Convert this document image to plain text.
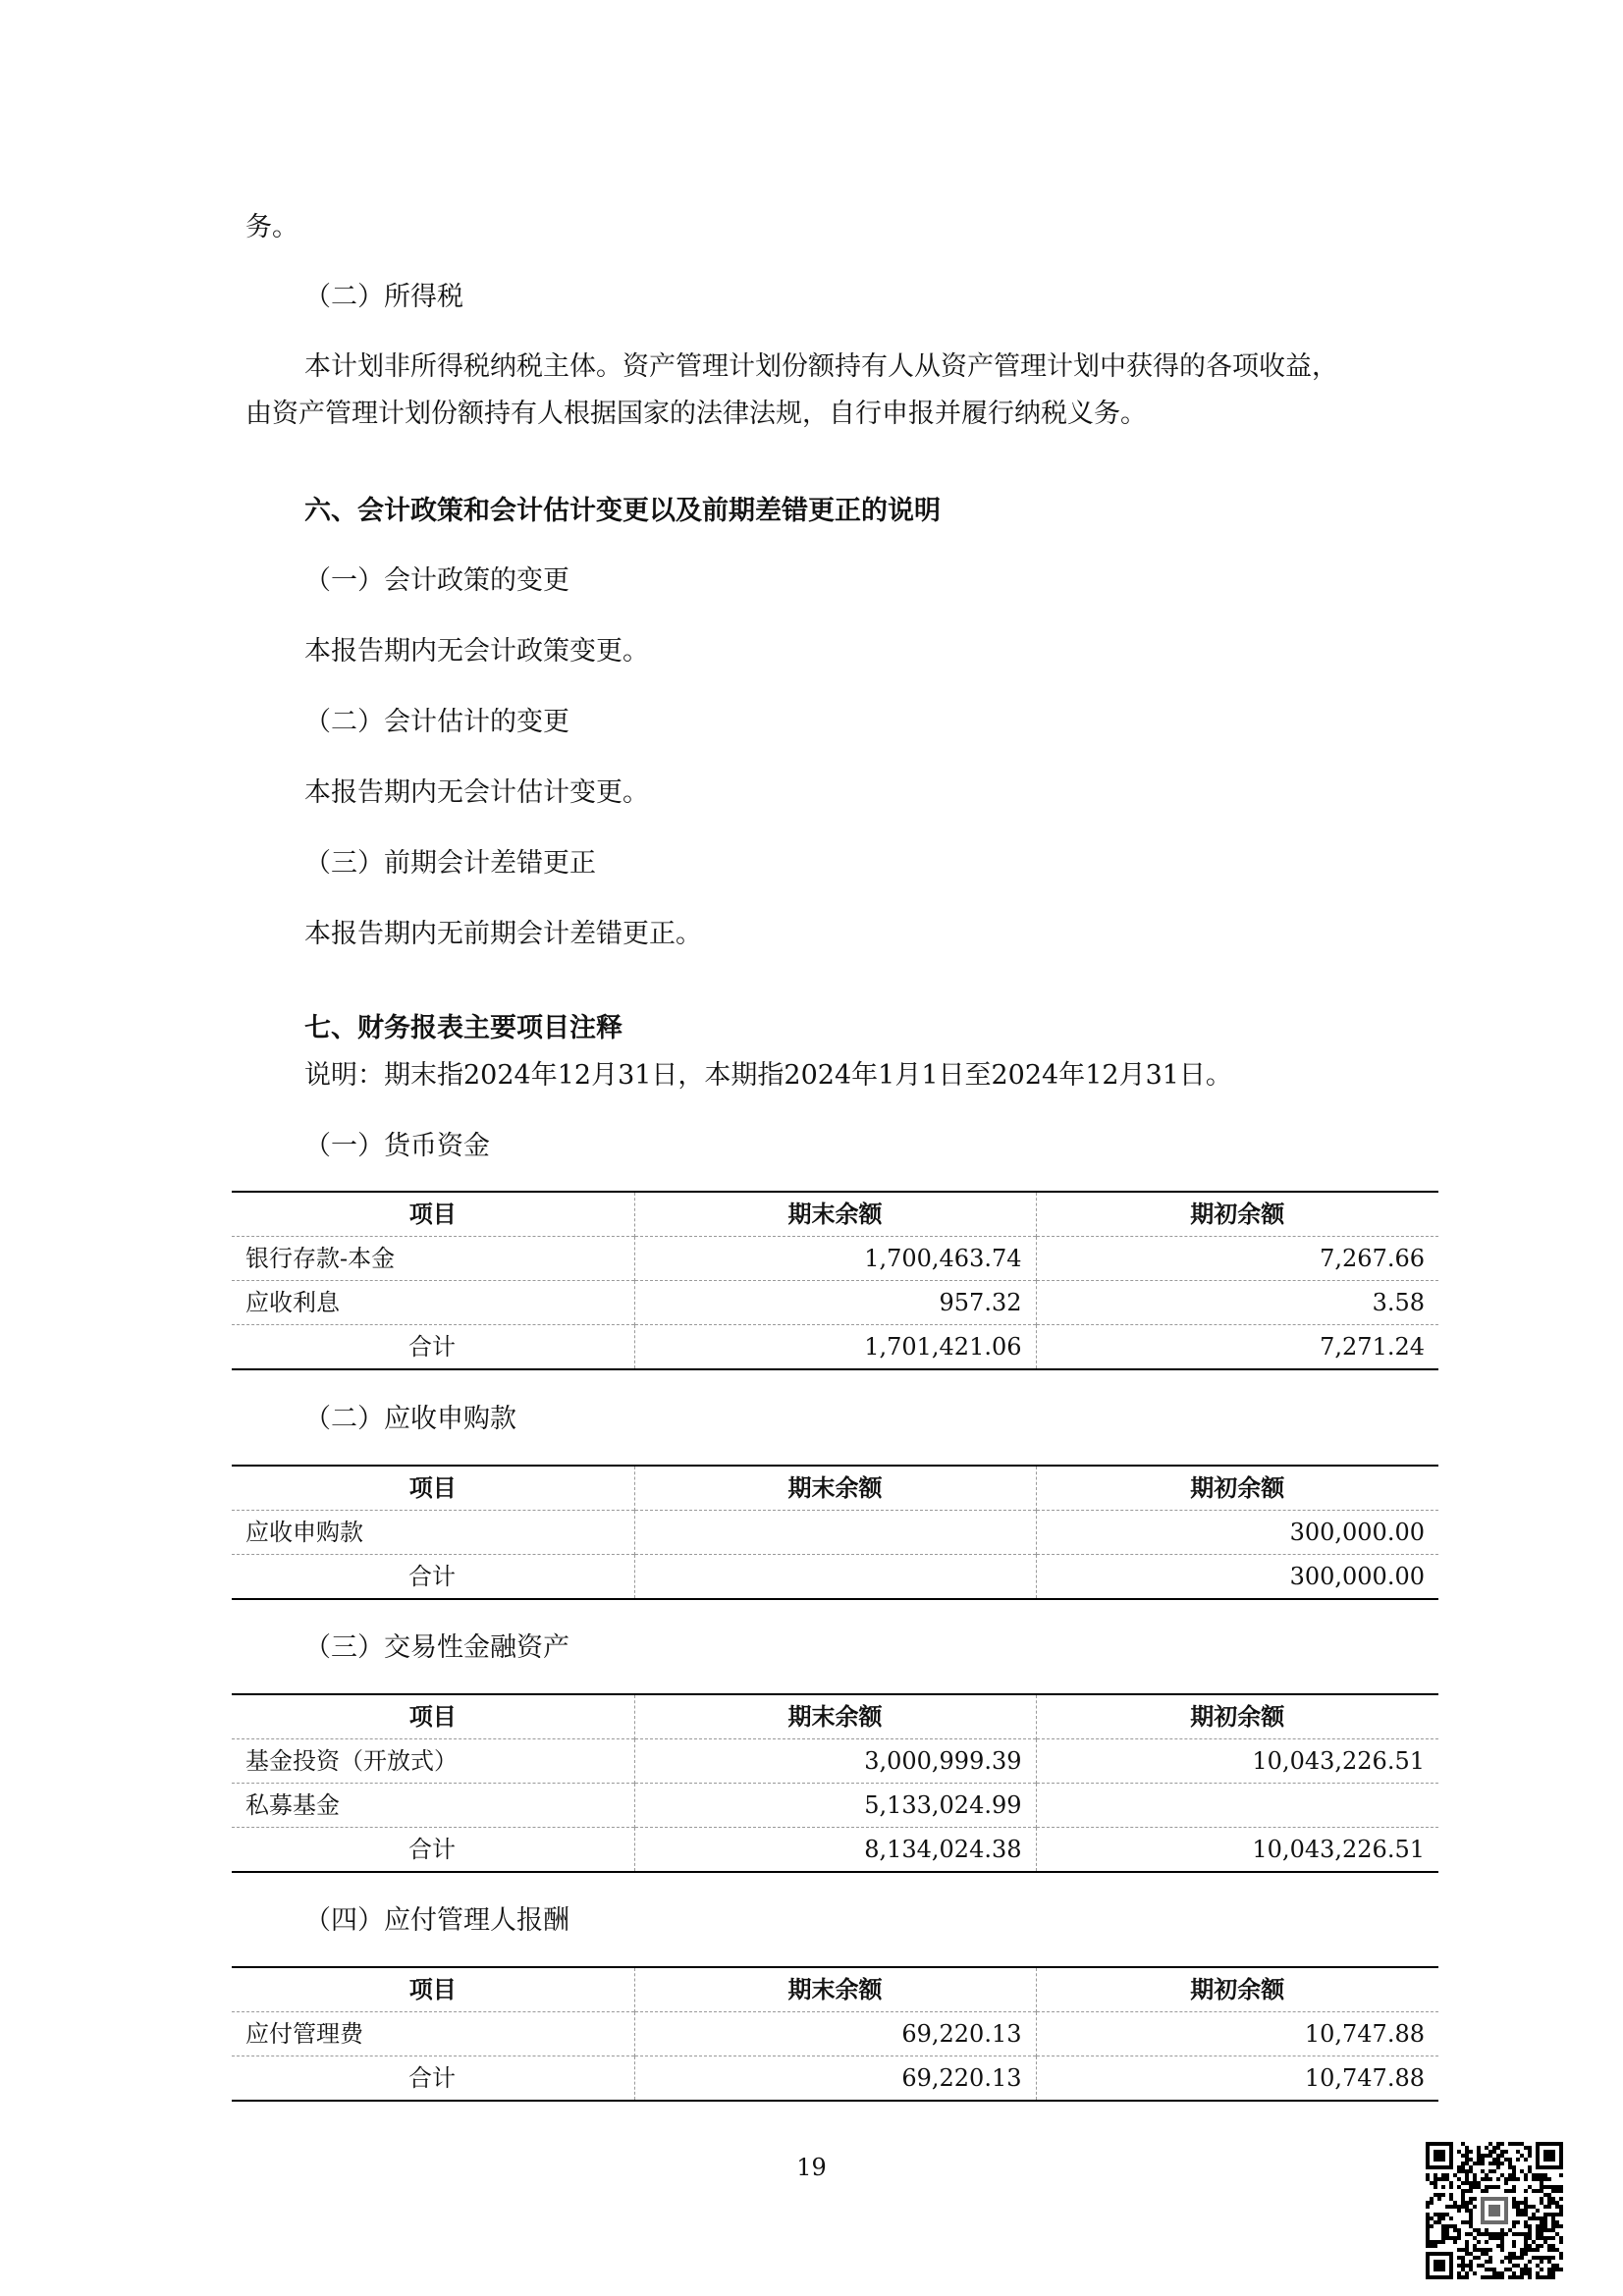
务。
（二）所得税
本计划非所得税纳税主体。资产管理计划份额持有人从资产管理计划中获得的各项收益，
由资产管理计划份额持有人根据国家的法律法规，自行申报并履行纳税义务。
六、会计政策和会计估计变更以及前期差错更正的说明
（一）会计政策的变更
本报告期内无会计政策变更。
（二）会计估计的变更
本报告期内无会计估计变更。
（三）前期会计差错更正
本报告期内无前期会计差错更正。
七、财务报表主要项目注释
说明：期末指2024年12月31日，本期指2024年1月1日至2024年12月31日。
（一）货币资金
项目	期末余额	期初余额
银行存款-本金	1,700,463.74	7,267.66
应收利息	957.32	3.58
合计	1,701,421.06	7,271.24
（二）应收申购款
项目	期末余额	期初余额
应收申购款		300,000.00
合计		300,000.00
（三）交易性金融资产
项目	期末余额	期初余额
基金投资（开放式）	3,000,999.39	10,043,226.51
私募基金	5,133,024.99	
合计	8,134,024.38	10,043,226.51
（四）应付管理人报酬
项目	期末余额	期初余额
应付管理费	69,220.13	10,747.88
合计	69,220.13	10,747.88
19
